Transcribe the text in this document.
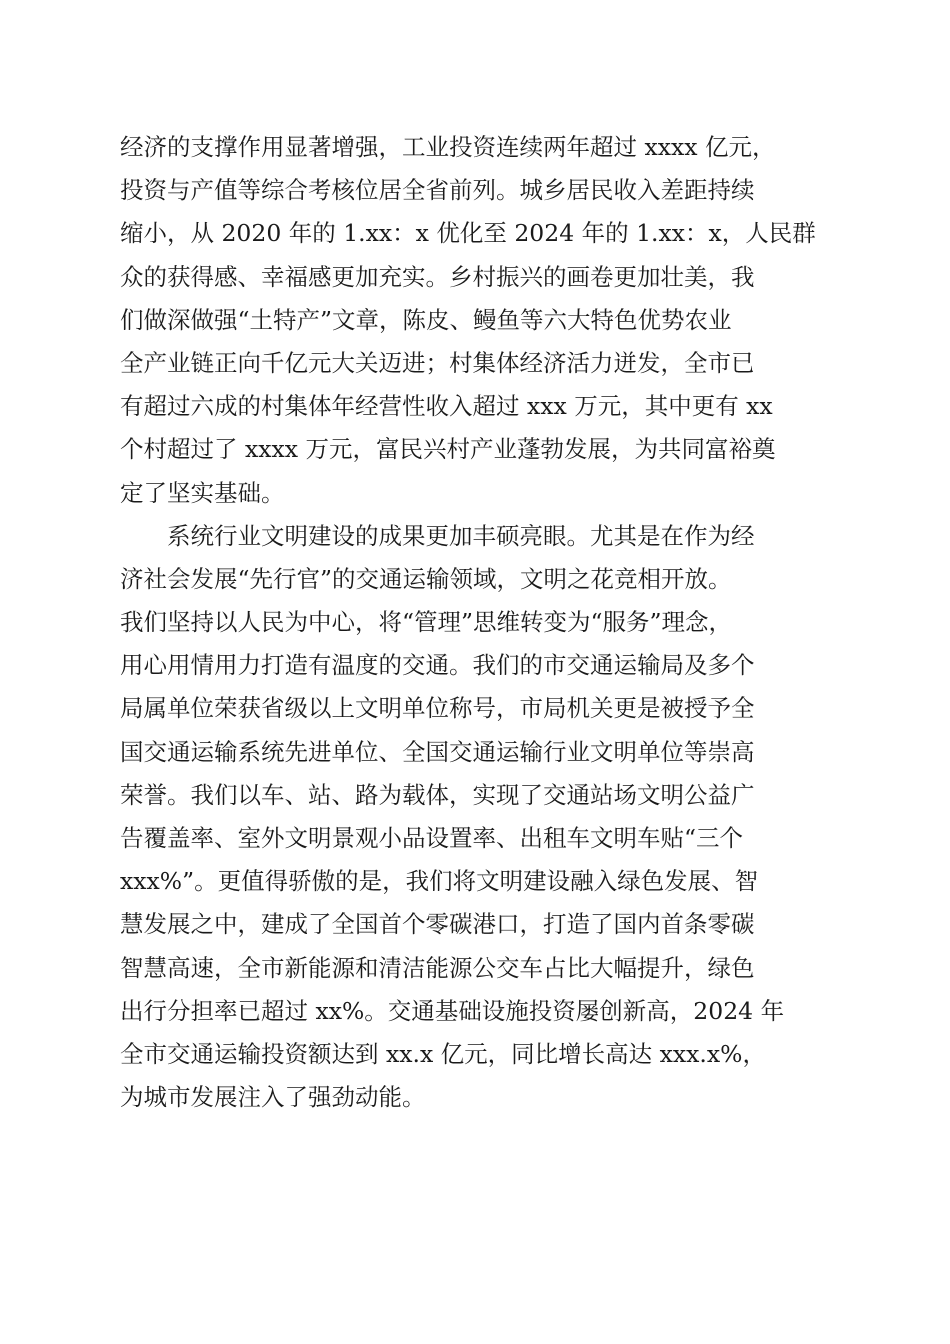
经济的支撑作用显著增强，工业投资连续两年超过 xxxx 亿元，
投资与产值等综合考核位居全省前列。城乡居民收入差距持续
缩小，从 2020 年的 1.xx：x 优化至 2024 年的 1.xx：x，人民群
众的获得感、幸福感更加充实。乡村振兴的画卷更加壮美，我
们做深做强“土特产”文章，陈皮、鳗鱼等六大特色优势农业
全产业链正向千亿元大关迈进；村集体经济活力迸发，全市已
有超过六成的村集体年经营性收入超过 xxx 万元，其中更有 xx
个村超过了 xxxx 万元，富民兴村产业蓬勃发展，为共同富裕奠
定了坚实基础。
　　系统行业文明建设的成果更加丰硕亮眼。尤其是在作为经
济社会发展“先行官”的交通运输领域，文明之花竞相开放。
我们坚持以人民为中心，将“管理”思维转变为“服务”理念，
用心用情用力打造有温度的交通。我们的市交通运输局及多个
局属单位荣获省级以上文明单位称号，市局机关更是被授予全
国交通运输系统先进单位、全国交通运输行业文明单位等崇高
荣誉。我们以车、站、路为载体，实现了交通站场文明公益广
告覆盖率、室外文明景观小品设置率、出租车文明车贴“三个
xxx%”。更值得骄傲的是，我们将文明建设融入绿色发展、智
慧发展之中，建成了全国首个零碳港口，打造了国内首条零碳
智慧高速，全市新能源和清洁能源公交车占比大幅提升，绿色
出行分担率已超过 xx%。交通基础设施投资屡创新高，2024 年
全市交通运输投资额达到 xx.x 亿元，同比增长高达 xxx.x%，
为城市发展注入了强劲动能。
